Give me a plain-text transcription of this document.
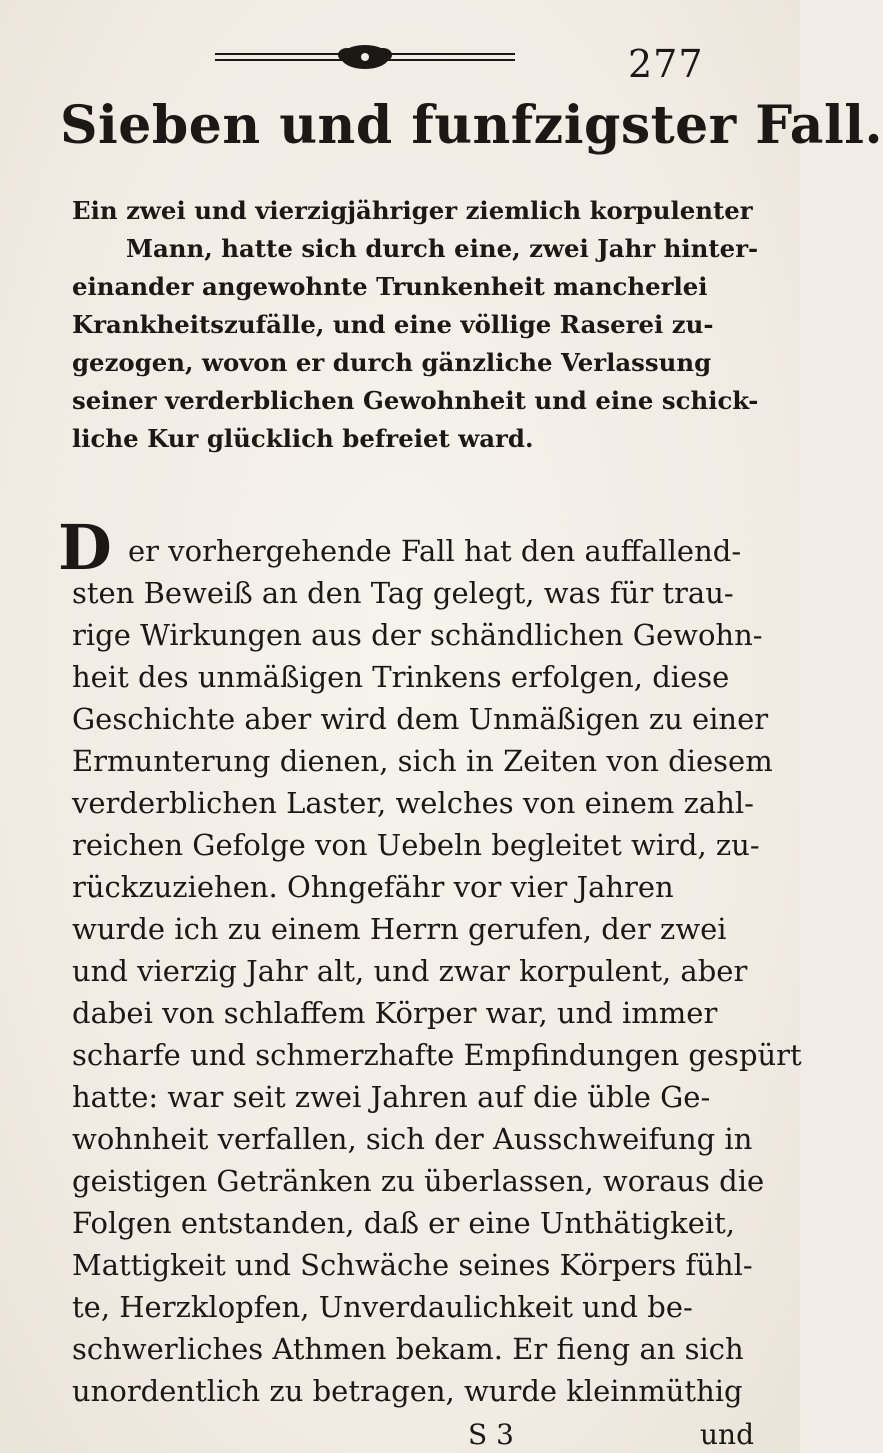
277
Sieben und funfzigster Fall.
Ein zwei und vierzigjähriger ziemlich korpulenter
Mann, hatte sich durch eine, zwei Jahr hinter-
einander angewohnte Trunkenheit mancherlei
Krankheitszufälle, und eine völlige Raserei zu-
gezogen, wovon er durch gänzliche Verlassung
seiner verderblichen Gewohnheit und eine schick-
liche Kur glücklich befreiet ward.
D er vorhergehende Fall hat den auffallend-
sten Beweiß an den Tag gelegt, was für trau-
rige Wirkungen aus der schändlichen Gewohn-
heit des unmäßigen Trinkens erfolgen, diese
Geschichte aber wird dem Unmäßigen zu einer
Ermunterung dienen, sich in Zeiten von diesem
verderblichen Laster, welches von einem zahl-
reichen Gefolge von Uebeln begleitet wird, zu-
rückzuziehen. Ohngefähr vor vier Jahren
wurde ich zu einem Herrn gerufen, der zwei
und vierzig Jahr alt, und zwar korpulent, aber
dabei von schlaffem Körper war, und immer
scharfe und schmerzhafte Empfindungen gespürt
hatte: war seit zwei Jahren auf die üble Ge-
wohnheit verfallen, sich der Ausschweifung in
geistigen Getränken zu überlassen, woraus die
Folgen entstanden, daß er eine Unthätigkeit,
Mattigkeit und Schwäche seines Körpers fühl-
te, Herzklopfen, Unverdaulichkeit und be-
schwerliches Athmen bekam. Er fieng an sich
unordentlich zu betragen, wurde kleinmüthig
S 3	und
